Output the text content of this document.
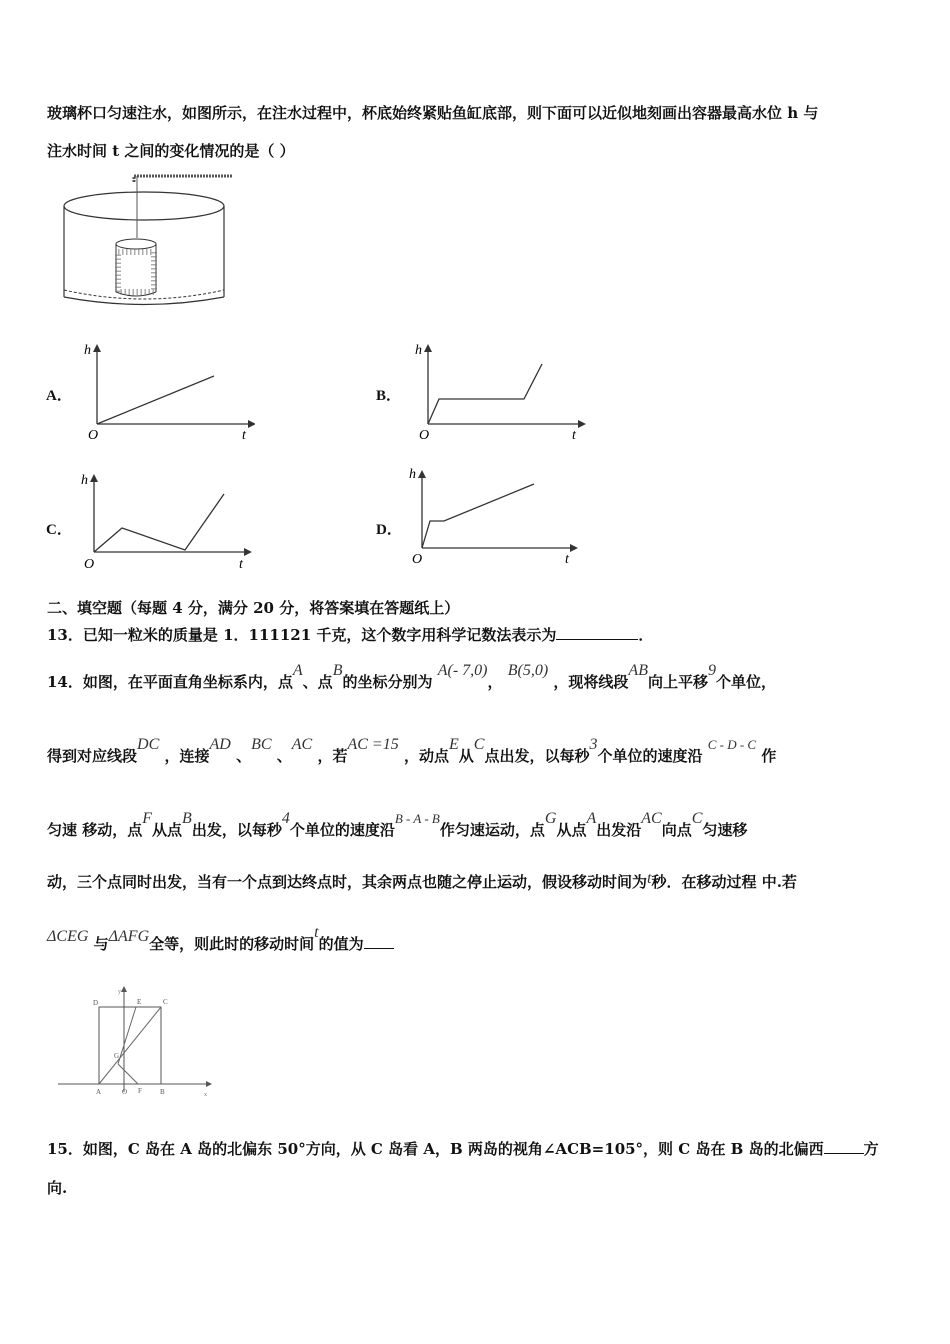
玻璃杯口匀速注水，如图所示，在注水过程中，杯底始终紧贴鱼缸底部，则下面可以近似地刻画出容器最高水位 h 与
注水时间 t 之间的变化情况的是（ ）
A．
h
O	t
B．
h
O	t
C．
h
O	t
D．
h
O	t
二、填空题（每题 4 分，满分 20 分，将答案填在答题纸上）
13．已知一粒米的质量是 1．111121 千克，这个数字用科学记数法表示为	．
14．如图，在平面直角坐标系内，点A、点B的坐标分别为 A(- 7,0)， B(5,0) ，现将线段AB向上平移9个单位，
得到对应线段DC ，连接AD 、BC 、AC ，若AC =15 ，动点E从C点出发，以每秒3个单位的速度沿 C - D - C 作
匀速 移动，点F从点B出发，以每秒4个单位的速度沿B - A - B作匀速运动，点G从点A出发沿AC向点C匀速移
动，三个点同时出发，当有一个点到达终点时，其余两点也随之停止运动，假设移动时间为t秒．在移动过程 中.若
ΔCEG 与ΔAFG全等，则此时的移动时间t的值为
D	E	C
G
A	O F	B
y
x
15．如图，C 岛在 A 岛的北偏东 50°方向，从 C 岛看 A，B 两岛的视角∠ACB=105°，则 C 岛在 B 岛的北偏西	方
向.
